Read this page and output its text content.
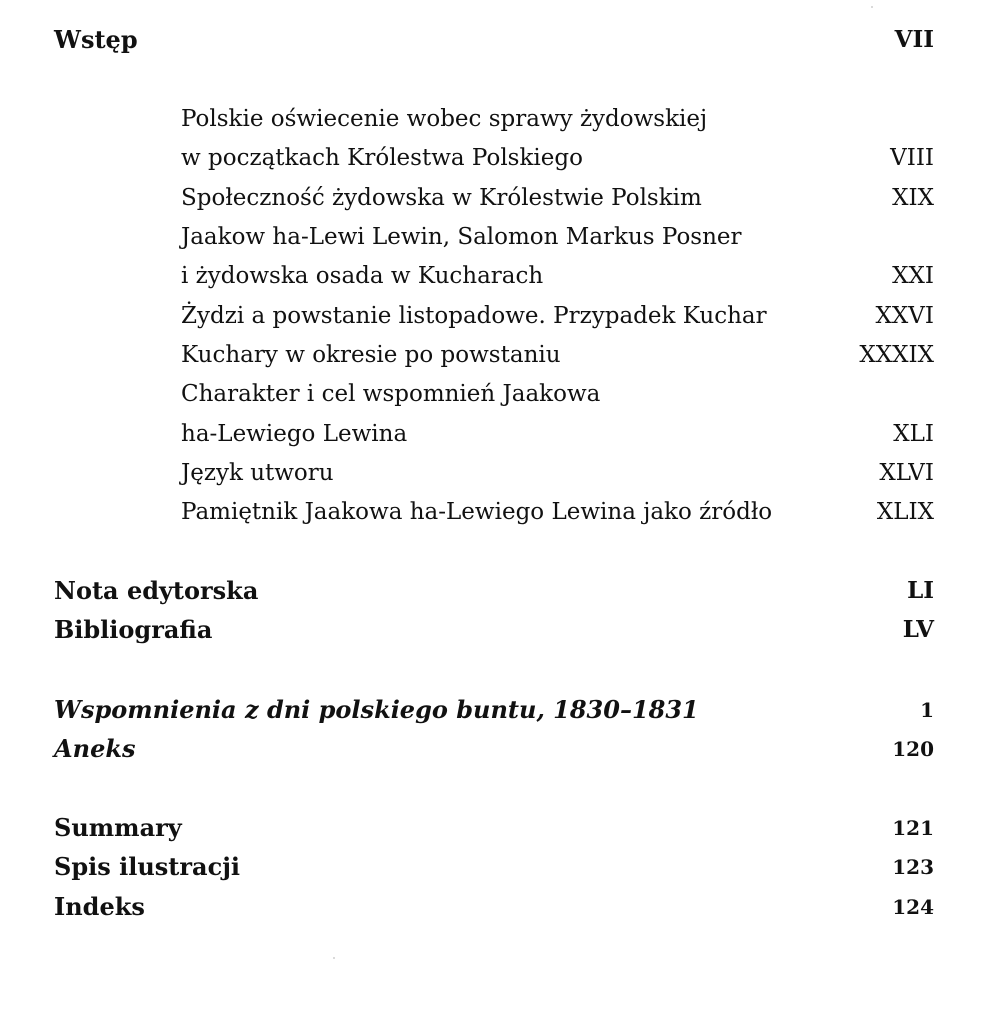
Wstęp	VII
Polskie oświecenie wobec sprawy żydowskiej
w początkach Królestwa Polskiego	VIII
Społeczność żydowska w Królestwie Polskim	XIX
Jaakow ha-Lewi Lewin, Salomon Markus Posner
i żydowska osada w Kucharach	XXI
Żydzi a powstanie listopadowe. Przypadek Kuchar	XXVI
Kuchary w okresie po powstaniu	XXXIX
Charakter i cel wspomnień Jaakowa
ha-Lewiego Lewina	XLI
Język utworu	XLVI
Pamiętnik Jaakowa ha-Lewiego Lewina jako źródło	XLIX
Nota edytorska	LI
Bibliografia	LV
Wspomnienia z dni polskiego buntu, 1830–1831	1
Aneks	120
Summary	121
Spis ilustracji	123
Indeks	124
